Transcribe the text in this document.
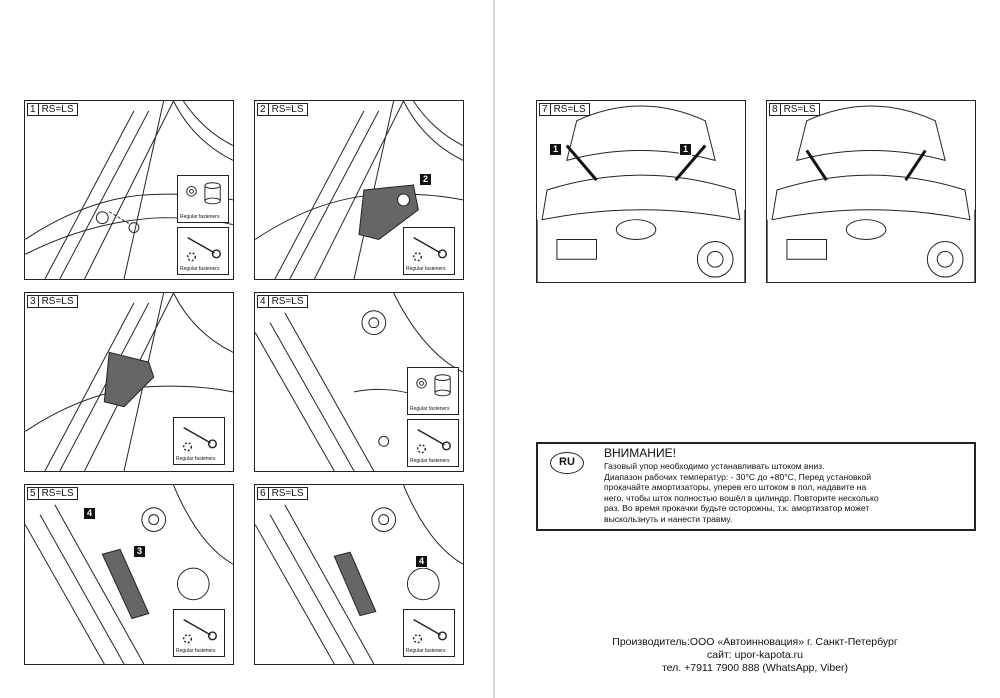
1 RS=LS
Regular fasteners
Regular fasteners
2 RS=LS
2
Regular fasteners
3 RS=LS
Regular fasteners
4 RS=LS
Regular fasteners
Regular fasteners
5 RS=LS
4
3
Regular fasteners
6 RS=LS
4
Regular fasteners
7 RS=LS
1	1
8 RS=LS
RU
ВНИМАНИЕ!
Газовый упор необходимо устанавливать штоком вниз.
Диапазон рабочих температур: - 30°C до +80°C, Перед установкой
прокачайте амортизаторы, уперев его штоком в пол, надавите на
него, чтобы шток полностью вошёл в цилиндр. Повторите несколько
раз. Во время прокачки будьте осторожны, т.к. амортизатор может
выскользнуть и нанести травму.
Производитель:ООО «Автоинновация» г. Санкт-Петербург
сайт: upor-kapota.ru
тел. +7911 7900 888 (WhatsApp, Viber)
